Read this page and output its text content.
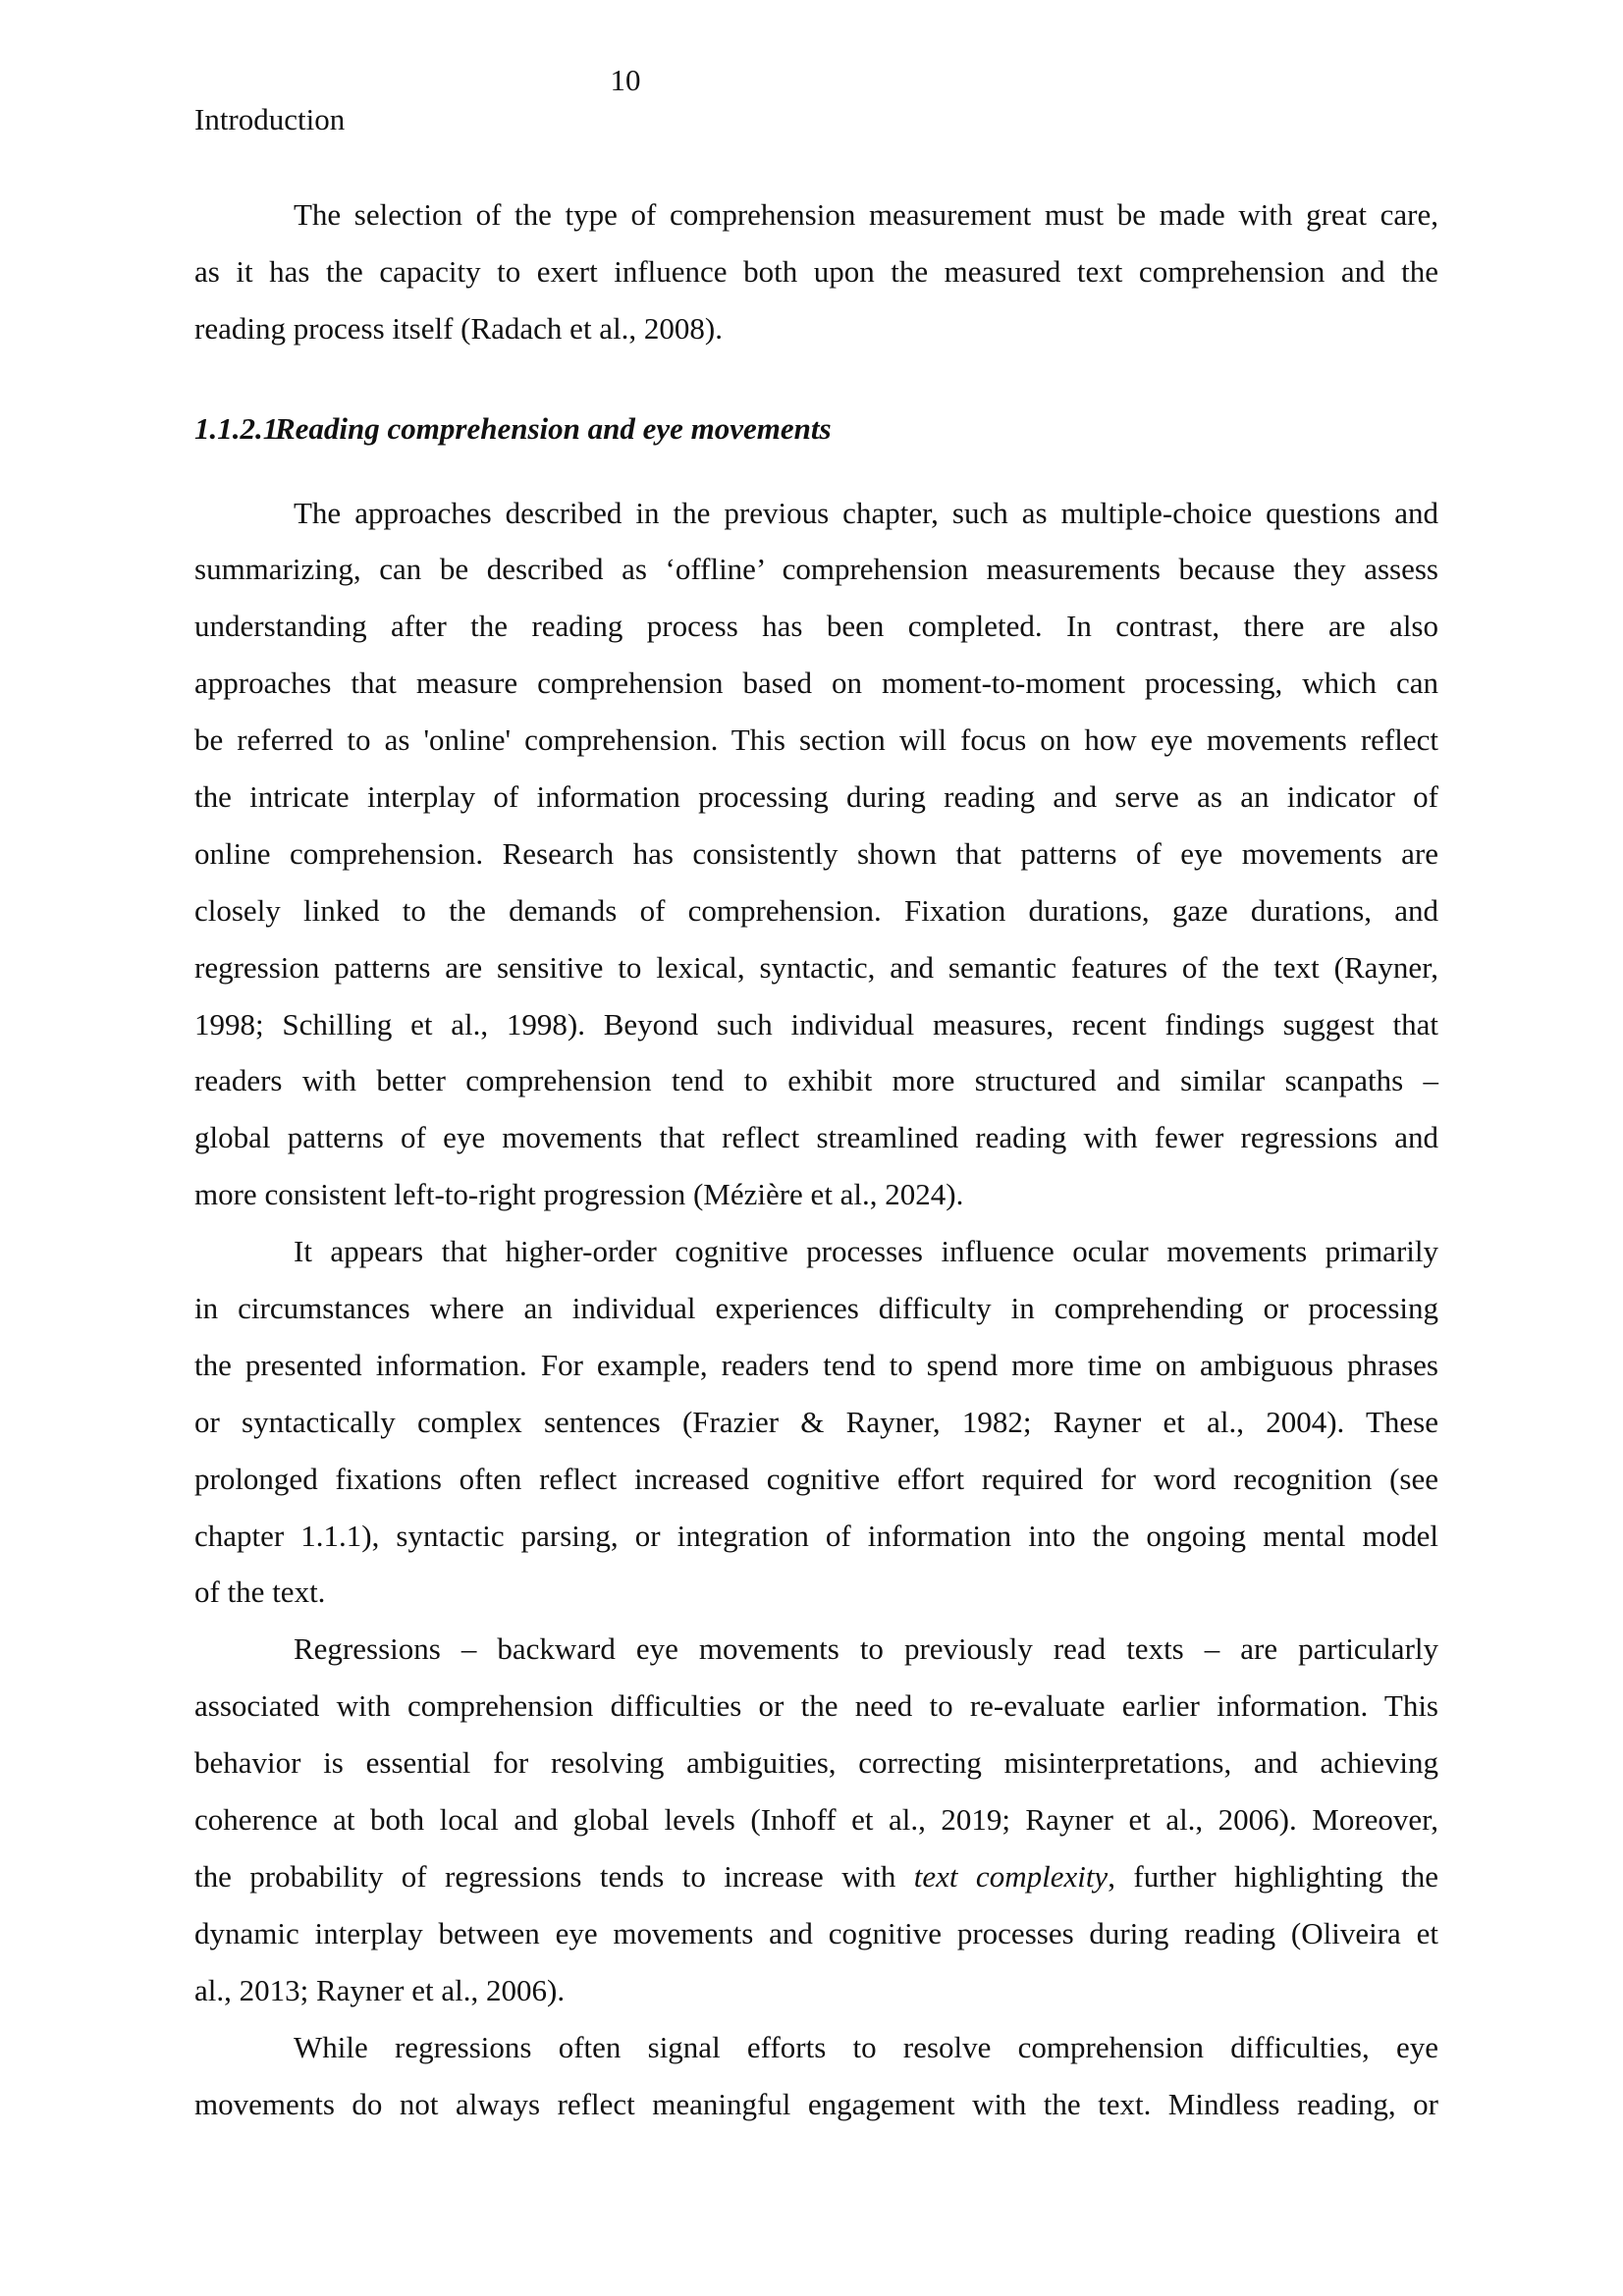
10
Introduction
The selection of the type of comprehension measurement must be made with great care,
as it has the capacity to exert influence both upon the measured text comprehension and the
reading process itself (Radach et al., 2008).
1.1.2.1Reading comprehension and eye movements
The approaches described in the previous chapter, such as multiple-choice questions and
summarizing, can be described as ‘offline’ comprehension measurements because they assess
understanding after the reading process has been completed. In contrast, there are also
approaches that measure comprehension based on moment-to-moment processing, which can
be referred to as 'online' comprehension. This section will focus on how eye movements reflect
the intricate interplay of information processing during reading and serve as an indicator of
online comprehension. Research has consistently shown that patterns of eye movements are
closely linked to the demands of comprehension. Fixation durations, gaze durations, and
regression patterns are sensitive to lexical, syntactic, and semantic features of the text (Rayner,
1998; Schilling et al., 1998). Beyond such individual measures, recent findings suggest that
readers with better comprehension tend to exhibit more structured and similar scanpaths –
global patterns of eye movements that reflect streamlined reading with fewer regressions and
more consistent left-to-right progression (Mézière et al., 2024).
It appears that higher-order cognitive processes influence ocular movements primarily
in circumstances where an individual experiences difficulty in comprehending or processing
the presented information. For example, readers tend to spend more time on ambiguous phrases
or syntactically complex sentences (Frazier & Rayner, 1982; Rayner et al., 2004). These
prolonged fixations often reflect increased cognitive effort required for word recognition (see
chapter 1.1.1), syntactic parsing, or integration of information into the ongoing mental model
of the text.
Regressions – backward eye movements to previously read texts – are particularly
associated with comprehension difficulties or the need to re-evaluate earlier information. This
behavior is essential for resolving ambiguities, correcting misinterpretations, and achieving
coherence at both local and global levels (Inhoff et al., 2019; Rayner et al., 2006). Moreover,
the probability of regressions tends to increase with text complexity, further highlighting the
dynamic interplay between eye movements and cognitive processes during reading (Oliveira et
al., 2013; Rayner et al., 2006).
While regressions often signal efforts to resolve comprehension difficulties, eye
movements do not always reflect meaningful engagement with the text. Mindless reading, or
